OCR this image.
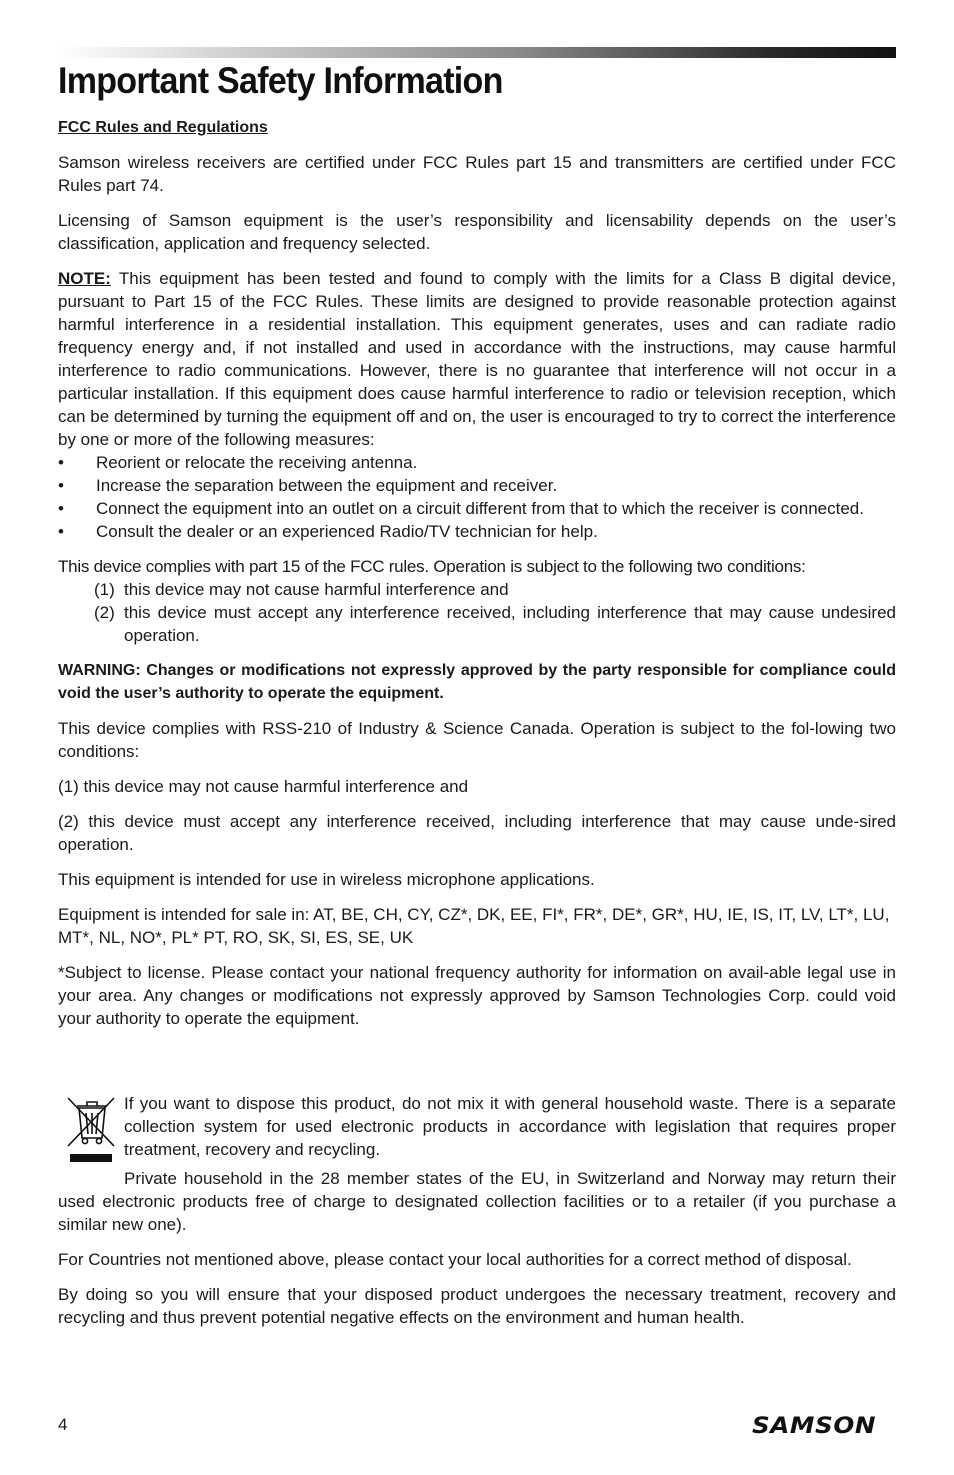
Important Safety Information
FCC Rules and Regulations

Samson wireless receivers are certified under FCC Rules part 15 and transmitters are certified under FCC Rules part 74.

Licensing of Samson equipment is the user’s responsibility and licensability depends on the user’s classification, application and frequency selected.

NOTE: This equipment has been tested and found to comply with the limits for a Class B digital device, pursuant to Part 15 of the FCC Rules. These limits are designed to provide reasonable protection against harmful interference in a residential installation. This equipment generates, uses and can radiate radio frequency energy and, if not installed and used in accordance with the instructions, may cause harmful interference to radio communications. However, there is no guarantee that interference will not occur in a particular installation. If this equipment does cause harmful interference to radio or television reception, which can be determined by turning the equipment off and on, the user is encouraged to try to correct the interference by one or more of the following measures:

• Reorient or relocate the receiving antenna.
• Increase the separation between the equipment and receiver.
• Connect the equipment into an outlet on a circuit different from that to which the receiver is connected.
• Consult the dealer or an experienced Radio/TV technician for help.

This device complies with part 15 of the FCC rules. Operation is subject to the following two conditions:

(1) this device may not cause harmful interference and
(2) this device must accept any interference received, including interference that may cause undesired operation.

WARNING: Changes or modifications not expressly approved by the party responsible for compliance could void the user’s authority to operate the equipment.

This device complies with RSS-210 of Industry & Science Canada. Operation is subject to the fol-lowing two conditions:

(1) this device may not cause harmful interference and

(2) this device must accept any interference received, including interference that may cause unde-sired operation.

This equipment is intended for use in wireless microphone applications.

Equipment is intended for sale in: AT, BE, CH, CY, CZ*, DK, EE, FI*, FR*, DE*, GR*, HU, IE, IS, IT, LV, LT*, LU, MT*, NL, NO*, PL* PT, RO, SK, SI, ES, SE, UK

*Subject to license. Please contact your national frequency authority for information on avail-able legal use in your area. Any changes or modifications not expressly approved by Samson Technologies Corp. could void your authority to operate the equipment.

If you want to dispose this product, do not mix it with general household waste. There is a separate collection system for used electronic products in accordance with legislation that requires proper treatment, recovery and recycling.

Private household in the 28 member states of the EU, in Switzerland and Norway may return their used electronic products free of charge to designated collection facilities or to a retailer (if you purchase a similar new one).

For Countries not mentioned above, please contact your local authorities for a correct method of disposal.

By doing so you will ensure that your disposed product undergoes the necessary treatment, recovery and recycling and thus prevent potential negative effects on the environment and human health.

4	SAMSON
